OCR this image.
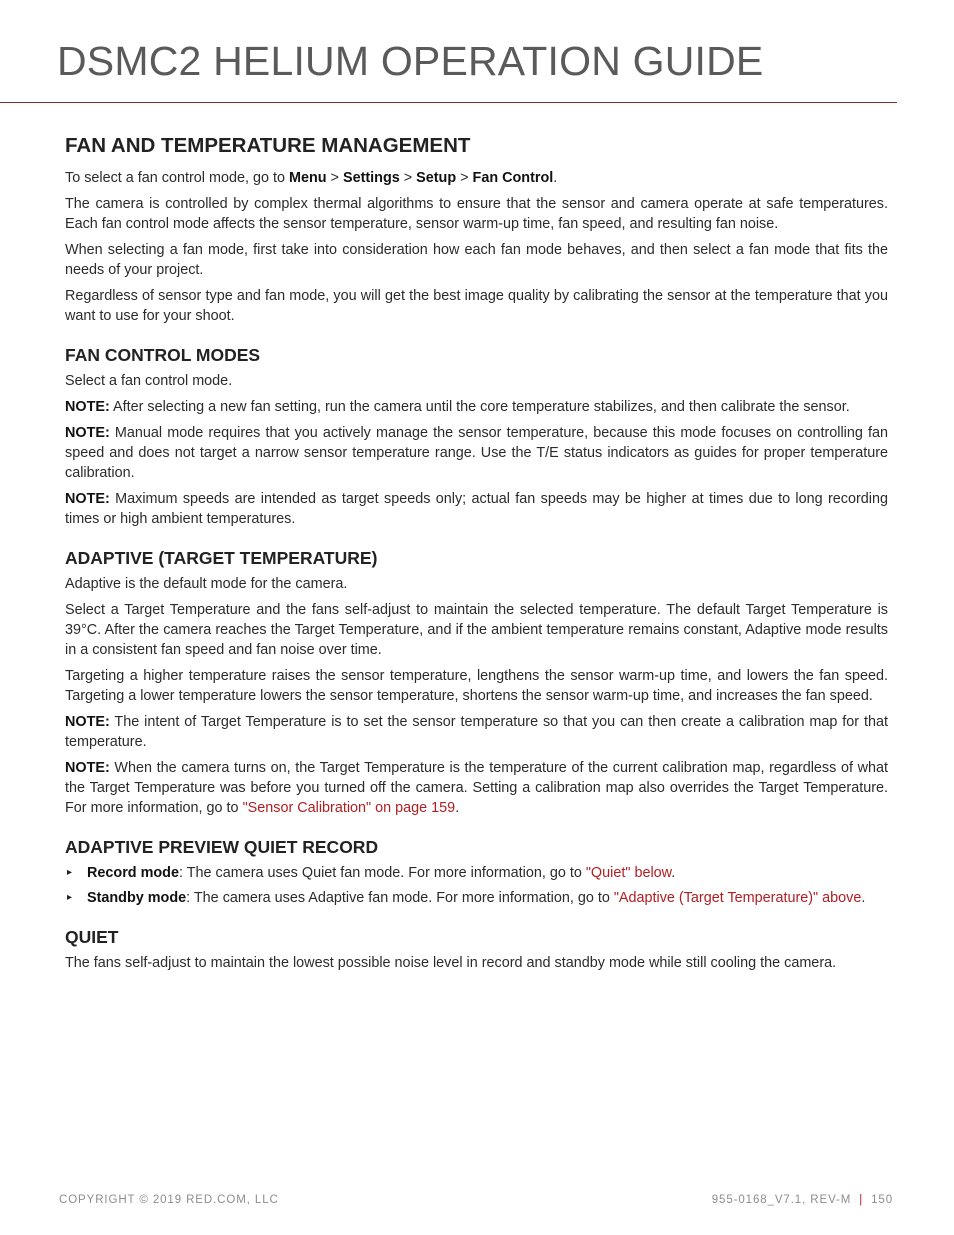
DSMC2 HELIUM OPERATION GUIDE
FAN AND TEMPERATURE MANAGEMENT

To select a fan control mode, go to Menu > Settings > Setup > Fan Control.

The camera is controlled by complex thermal algorithms to ensure that the sensor and camera operate at safe temperatures. Each fan control mode affects the sensor temperature, sensor warm-up time, fan speed, and resulting fan noise.

When selecting a fan mode, first take into consideration how each fan mode behaves, and then select a fan mode that fits the needs of your project.

Regardless of sensor type and fan mode, you will get the best image quality by calibrating the sensor at the temperature that you want to use for your shoot.

FAN CONTROL MODES

Select a fan control mode.

NOTE: After selecting a new fan setting, run the camera until the core temperature stabilizes, and then calibrate the sensor.

NOTE: Manual mode requires that you actively manage the sensor temperature, because this mode focuses on controlling fan speed and does not target a narrow sensor temperature range. Use the T/E status indicators as guides for proper temperature calibration.

NOTE: Maximum speeds are intended as target speeds only; actual fan speeds may be higher at times due to long recording times or high ambient temperatures.

ADAPTIVE (TARGET TEMPERATURE)

Adaptive is the default mode for the camera.

Select a Target Temperature and the fans self-adjust to maintain the selected temperature. The default Target Temperature is 39°C. After the camera reaches the Target Temperature, and if the ambient temperature remains constant, Adaptive mode results in a consistent fan speed and fan noise over time.

Targeting a higher temperature raises the sensor temperature, lengthens the sensor warm-up time, and lowers the fan speed. Targeting a lower temperature lowers the sensor temperature, shortens the sensor warm-up time, and increases the fan speed.

NOTE: The intent of Target Temperature is to set the sensor temperature so that you can then create a calibration map for that temperature.

NOTE: When the camera turns on, the Target Temperature is the temperature of the current calibration map, regardless of what the Target Temperature was before you turned off the camera. Setting a calibration map also overrides the Target Temperature. For more information, go to "Sensor Calibration" on page 159.

ADAPTIVE PREVIEW QUIET RECORD
▸ Record mode: The camera uses Quiet fan mode. For more information, go to "Quiet" below.
▸ Standby mode: The camera uses Adaptive fan mode. For more information, go to "Adaptive (Target Temperature)" above.
QUIET

The fans self-adjust to maintain the lowest possible noise level in record and standby mode while still cooling the camera.

COPYRIGHT © 2019 RED.COM, LLC	955-0168_V7.1, REV-M | 150
